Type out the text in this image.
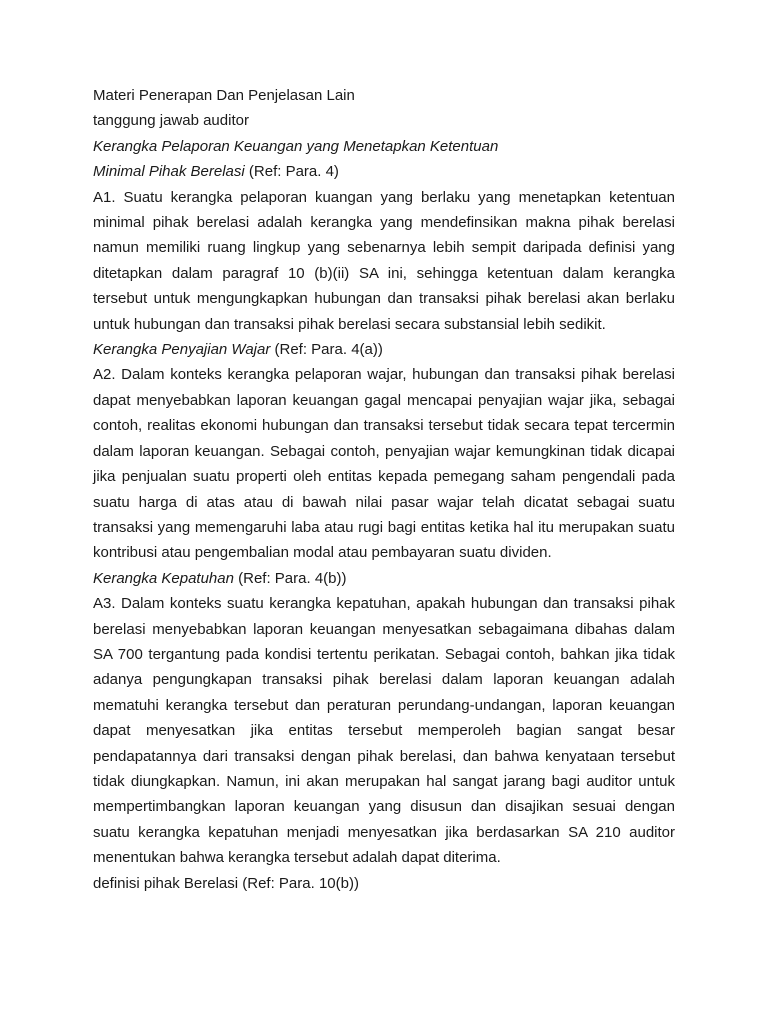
Materi Penerapan Dan Penjelasan Lain
tanggung jawab auditor
Kerangka Pelaporan Keuangan yang Menetapkan Ketentuan
Minimal Pihak Berelasi (Ref: Para. 4)

A1. Suatu kerangka pelaporan kuangan yang berlaku yang menetapkan ketentuan minimal pihak berelasi adalah kerangka yang mendefinsikan makna pihak berelasi namun memiliki ruang lingkup yang sebenarnya lebih sempit daripada definisi yang ditetapkan dalam paragraf 10 (b)(ii) SA ini, sehingga ketentuan dalam kerangka tersebut untuk mengungkapkan hubungan dan transaksi pihak berelasi akan berlaku untuk hubungan dan transaksi pihak berelasi secara substansial lebih sedikit.

Kerangka Penyajian Wajar (Ref: Para. 4(a))

A2. Dalam konteks kerangka pelaporan wajar, hubungan dan transaksi pihak berelasi dapat menyebabkan laporan keuangan gagal mencapai penyajian wajar jika, sebagai contoh, realitas ekonomi hubungan dan transaksi tersebut tidak secara tepat tercermin dalam laporan keuangan. Sebagai contoh, penyajian wajar kemungkinan tidak dicapai jika penjualan suatu properti oleh entitas kepada pemegang saham pengendali pada suatu harga di atas atau di bawah nilai pasar wajar telah dicatat sebagai suatu transaksi yang memengaruhi laba atau rugi bagi entitas ketika hal itu merupakan suatu kontribusi atau pengembalian modal atau pembayaran suatu dividen.

Kerangka Kepatuhan (Ref: Para. 4(b))

A3. Dalam konteks suatu kerangka kepatuhan, apakah hubungan dan transaksi pihak berelasi menyebabkan laporan keuangan menyesatkan sebagaimana dibahas dalam SA 700 tergantung pada kondisi tertentu perikatan. Sebagai contoh, bahkan jika tidak adanya pengungkapan transaksi pihak berelasi dalam laporan keuangan adalah mematuhi kerangka tersebut dan peraturan perundang-undangan, laporan keuangan dapat menyesatkan jika entitas tersebut memperoleh bagian sangat besar pendapatannya dari transaksi dengan pihak berelasi, dan bahwa kenyataan tersebut tidak diungkapkan. Namun, ini akan merupakan hal sangat jarang bagi auditor untuk mempertimbangkan laporan keuangan yang disusun dan disajikan sesuai dengan suatu kerangka kepatuhan menjadi menyesatkan jika berdasarkan SA 210 auditor menentukan bahwa kerangka tersebut adalah dapat diterima.

definisi pihak Berelasi (Ref: Para. 10(b))
